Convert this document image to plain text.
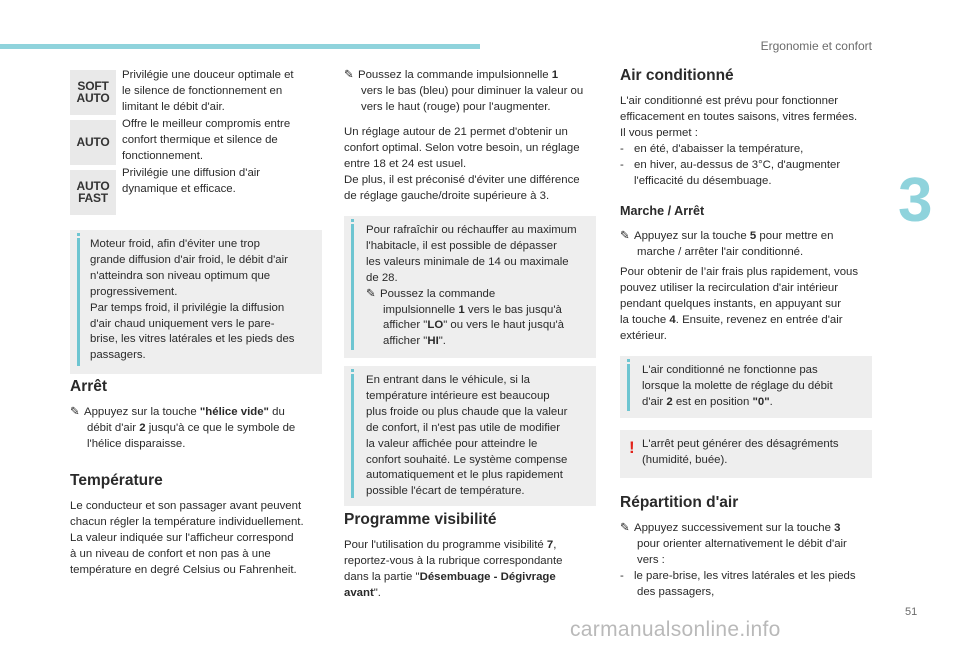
Ergonomie et confort
3
51
SOFT
AUTO
Privilégie une douceur optimale et
le silence de fonctionnement en
limitant le débit d'air.
AUTO
Offre le meilleur compromis entre
confort thermique et silence de
fonctionnement.
AUTO
FAST
Privilégie une diffusion d'air
dynamique et efficace.
Moteur froid, afin d'éviter une trop
grande diffusion d'air froid, le débit d'air
n'atteindra son niveau optimum que
progressivement.
Par temps froid, il privilégie la diffusion
d'air chaud uniquement vers le pare-
brise, les vitres latérales et les pieds des
passagers.
Arrêt
✎ Appuyez sur la touche "hélice vide" du
débit d'air 2 jusqu'à ce que le symbole de
l'hélice disparaisse.
Température
Le conducteur et son passager avant peuvent
chacun régler la température individuellement.
La valeur indiquée sur l'afficheur correspond
à un niveau de confort et non pas à une
température en degré Celsius ou Fahrenheit.
✎ Poussez la commande impulsionnelle 1
vers le bas (bleu) pour diminuer la valeur ou
vers le haut (rouge) pour l'augmenter.
Un réglage autour de 21 permet d'obtenir un
confort optimal. Selon votre besoin, un réglage
entre 18 et 24 est usuel.
De plus, il est préconisé d'éviter une différence
de réglage gauche/droite supérieure à 3.
Pour rafraîchir ou réchauffer au maximum
l'habitacle, il est possible de dépasser
les valeurs minimale de 14 ou maximale
de 28.
✎ Poussez la commande
impulsionnelle 1 vers le bas jusqu'à
afficher "LO" ou vers le haut jusqu'à
afficher "HI".
En entrant dans le véhicule, si la
température intérieure est beaucoup
plus froide ou plus chaude que la valeur
de confort, il n'est pas utile de modifier
la valeur affichée pour atteindre le
confort souhaité. Le système compense
automatiquement et le plus rapidement
possible l'écart de température.
Programme visibilité
Pour l'utilisation du programme visibilité 7,
reportez-vous à la rubrique correspondante
dans la partie "Désembuage - Dégivrage
avant".
Air conditionné
L'air conditionné est prévu pour fonctionner
efficacement en toutes saisons, vitres fermées.
Il vous permet :
- en été, d'abaisser la température,
- en hiver, au-dessus de 3°C, d'augmenter
l'efficacité du désembuage.
Marche / Arrêt
✎ Appuyez sur la touche 5 pour mettre en
marche / arrêter l'air conditionné.
Pour obtenir de l’air frais plus rapidement, vous
pouvez utiliser la recirculation d'air intérieur
pendant quelques instants, en appuyant sur
la touche 4. Ensuite, revenez en entrée d'air
extérieur.
L'air conditionné ne fonctionne pas
lorsque la molette de réglage du débit
d'air 2 est en position "0".
! L'arrêt peut générer des désagréments
(humidité, buée).
Répartition d'air
✎ Appuyez successivement sur la touche 3
pour orienter alternativement le débit d'air
vers :
- le pare-brise, les vitres latérales et les pieds
des passagers,
carmanualsonline.info
